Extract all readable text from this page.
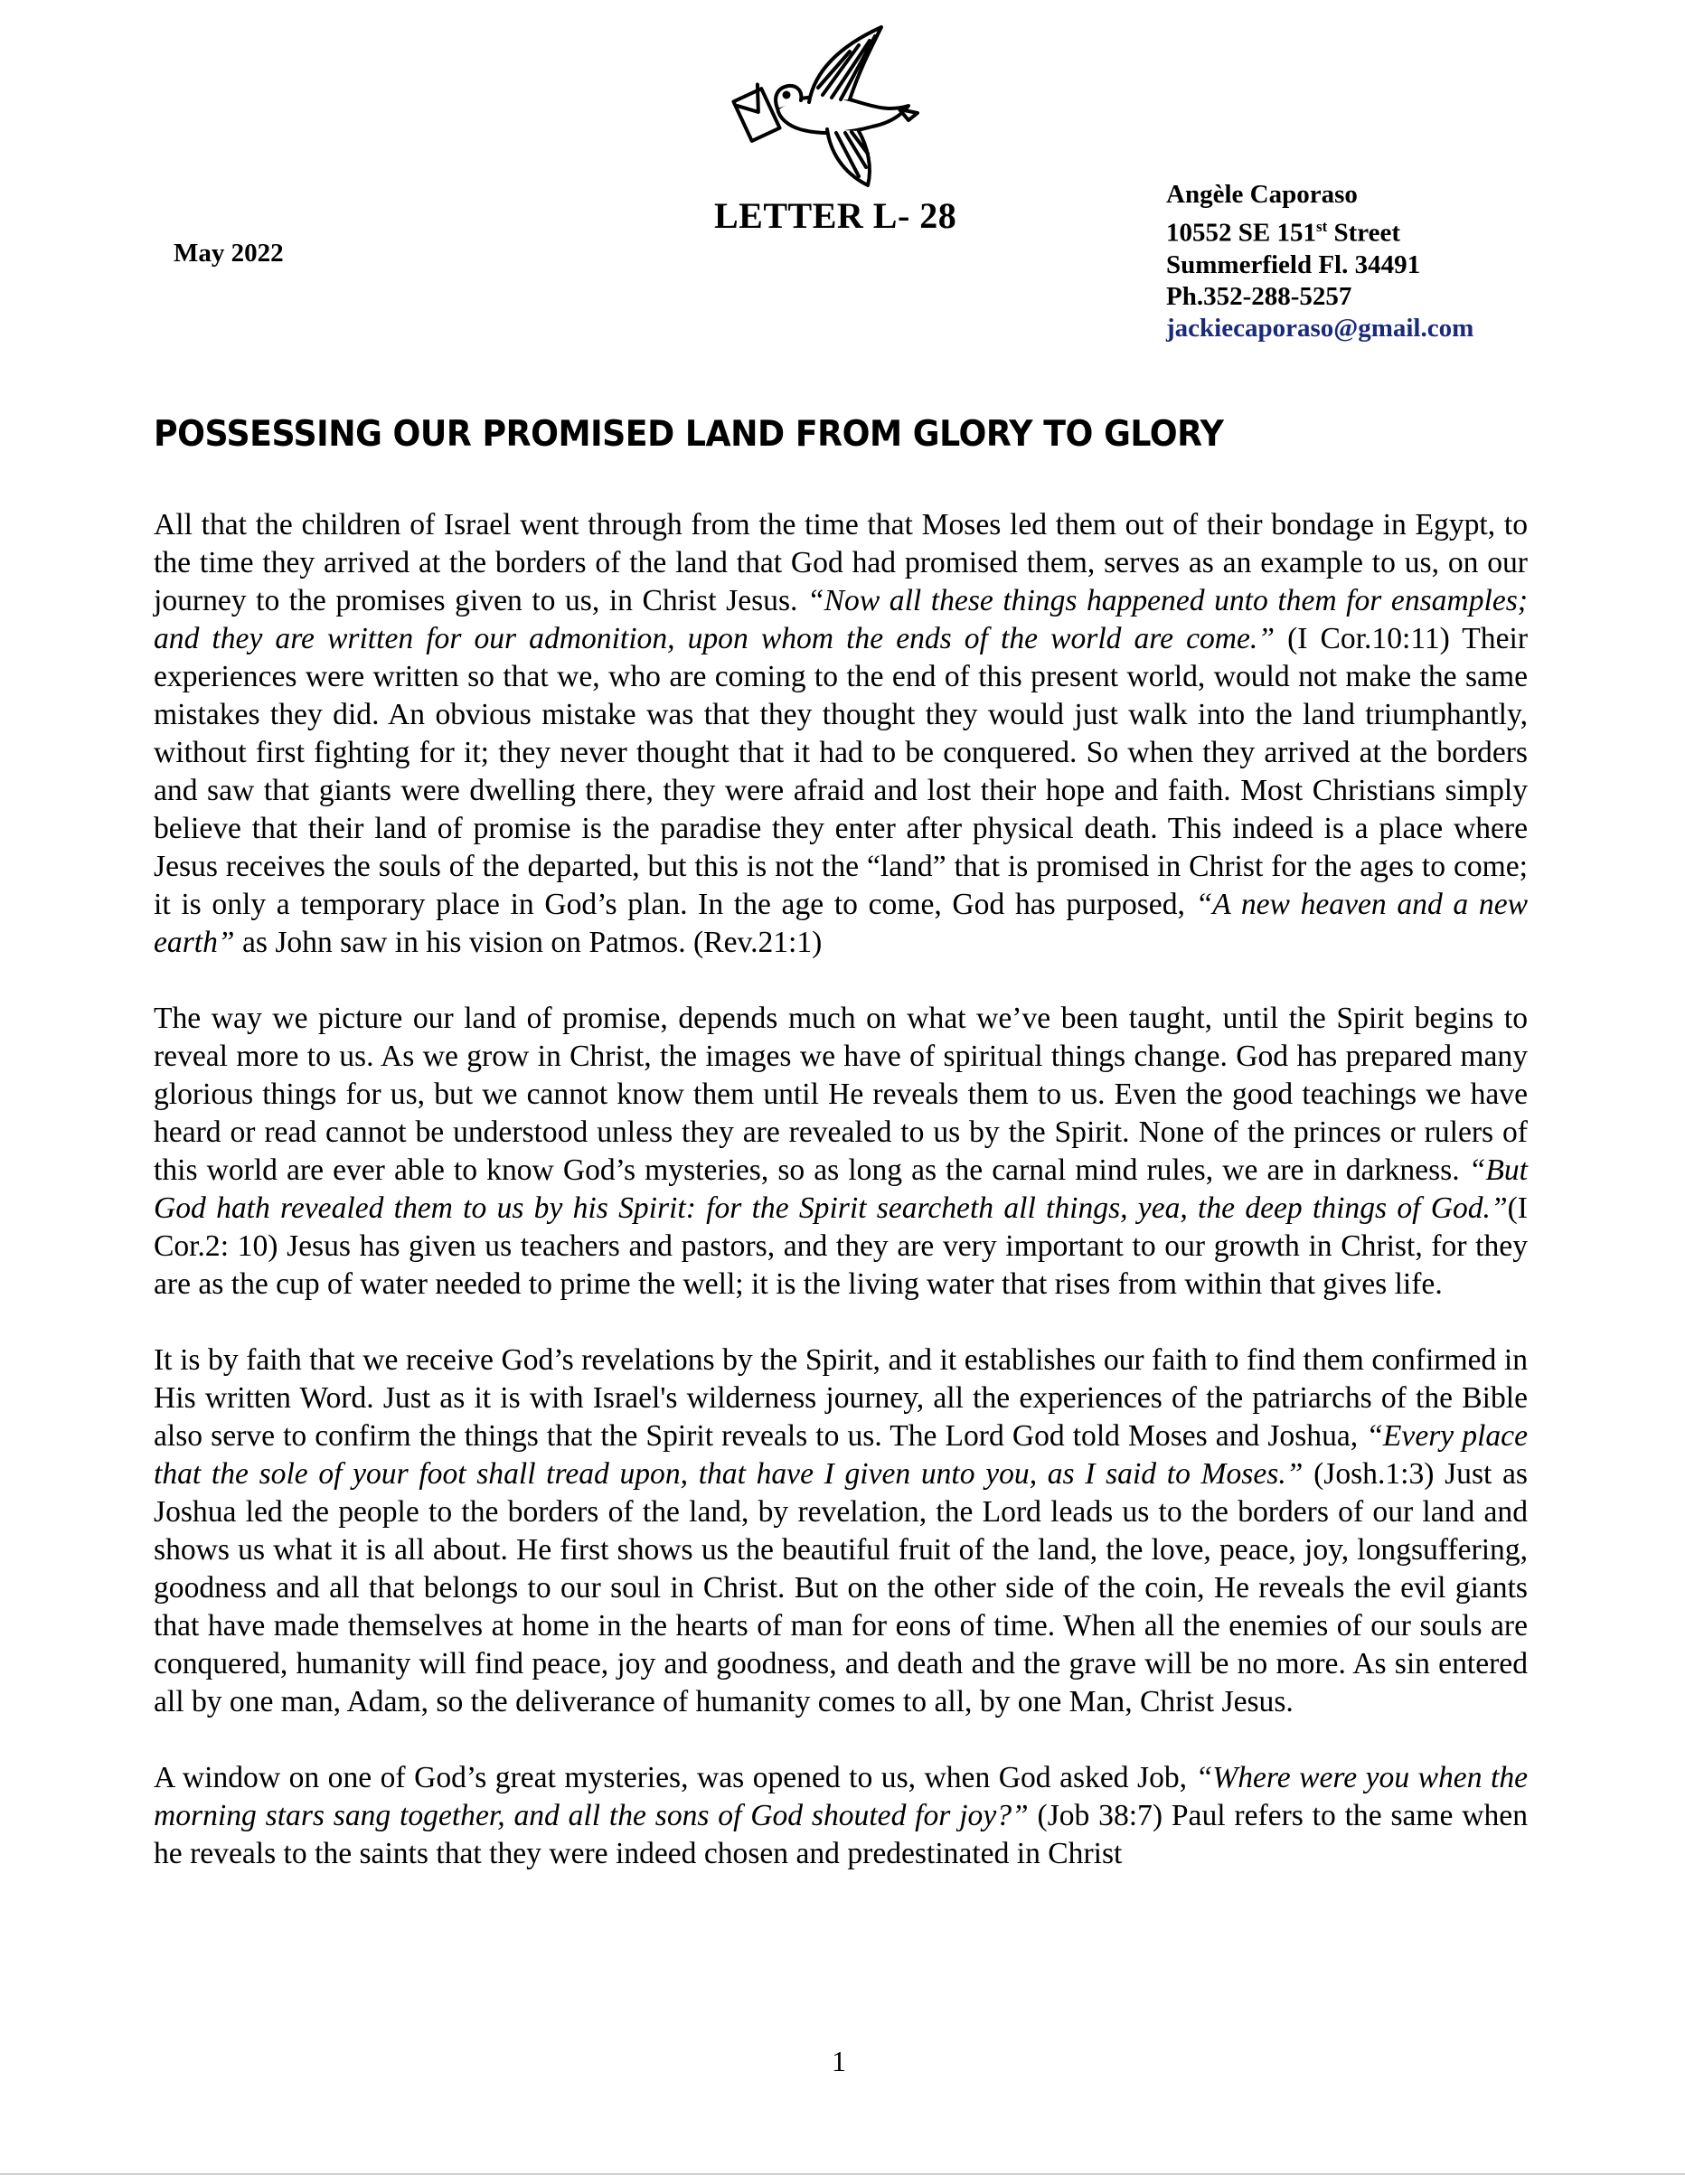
LETTER L- 28
May 2022
Angèle Caporaso
10552 SE 151st Street
Summerfield Fl. 34491
Ph.352-288-5257
jackiecaporaso@gmail.com
POSSESSING OUR PROMISED LAND FROM GLORY TO GLORY

All that the children of Israel went through from the time that Moses led them out of their bondage in Egypt, to the time they arrived at the borders of the land that God had promised them, serves as an example to us, on our journey to the promises given to us, in Christ Jesus. “Now all these things happened unto them for ensamples; and they are written for our admonition, upon whom the ends of the world are come.” (I Cor.10:11) Their experiences were written so that we, who are coming to the end of this present world, would not make the same mistakes they did. An obvious mistake was that they thought they would just walk into the land triumphantly, without first fighting for it; they never thought that it had to be conquered. So when they arrived at the borders and saw that giants were dwelling there, they were afraid and lost their hope and faith. Most Christians simply believe that their land of promise is the paradise they enter after physical death. This indeed is a place where Jesus receives the souls of the departed, but this is not the “land” that is promised in Christ for the ages to come; it is only a temporary place in God’s plan. In the age to come, God has purposed, “A new heaven and a new earth” as John saw in his vision on Patmos. (Rev.21:1)

The way we picture our land of promise, depends much on what we’ve been taught, until the Spirit begins to reveal more to us. As we grow in Christ, the images we have of spiritual things change. God has prepared many glorious things for us, but we cannot know them until He reveals them to us. Even the good teachings we have heard or read cannot be understood unless they are revealed to us by the Spirit. None of the princes or rulers of this world are ever able to know God’s mysteries, so as long as the carnal mind rules, we are in darkness. “But God hath revealed them to us by his Spirit: for the Spirit searcheth all things, yea, the deep things of God.”(I Cor.2: 10) Jesus has given us teachers and pastors, and they are very important to our growth in Christ, for they are as the cup of water needed to prime the well; it is the living water that rises from within that gives life.

It is by faith that we receive God’s revelations by the Spirit, and it establishes our faith to find them confirmed in His written Word. Just as it is with Israel's wilderness journey, all the experiences of the patriarchs of the Bible also serve to confirm the things that the Spirit reveals to us. The Lord God told Moses and Joshua, “Every place that the sole of your foot shall tread upon, that have I given unto you, as I said to Moses.” (Josh.1:3) Just as Joshua led the people to the borders of the land, by revelation, the Lord leads us to the borders of our land and shows us what it is all about. He first shows us the beautiful fruit of the land, the love, peace, joy, longsuffering, goodness and all that belongs to our soul in Christ. But on the other side of the coin, He reveals the evil giants that have made themselves at home in the hearts of man for eons of time. When all the enemies of our souls are conquered, humanity will find peace, joy and goodness, and death and the grave will be no more. As sin entered all by one man, Adam, so the deliverance of humanity comes to all, by one Man, Christ Jesus.

A window on one of God’s great mysteries, was opened to us, when God asked Job, “Where were you when the morning stars sang together, and all the sons of God shouted for joy?” (Job 38:7) Paul refers to the same when he reveals to the saints that they were indeed chosen and predestinated in Christ

1
